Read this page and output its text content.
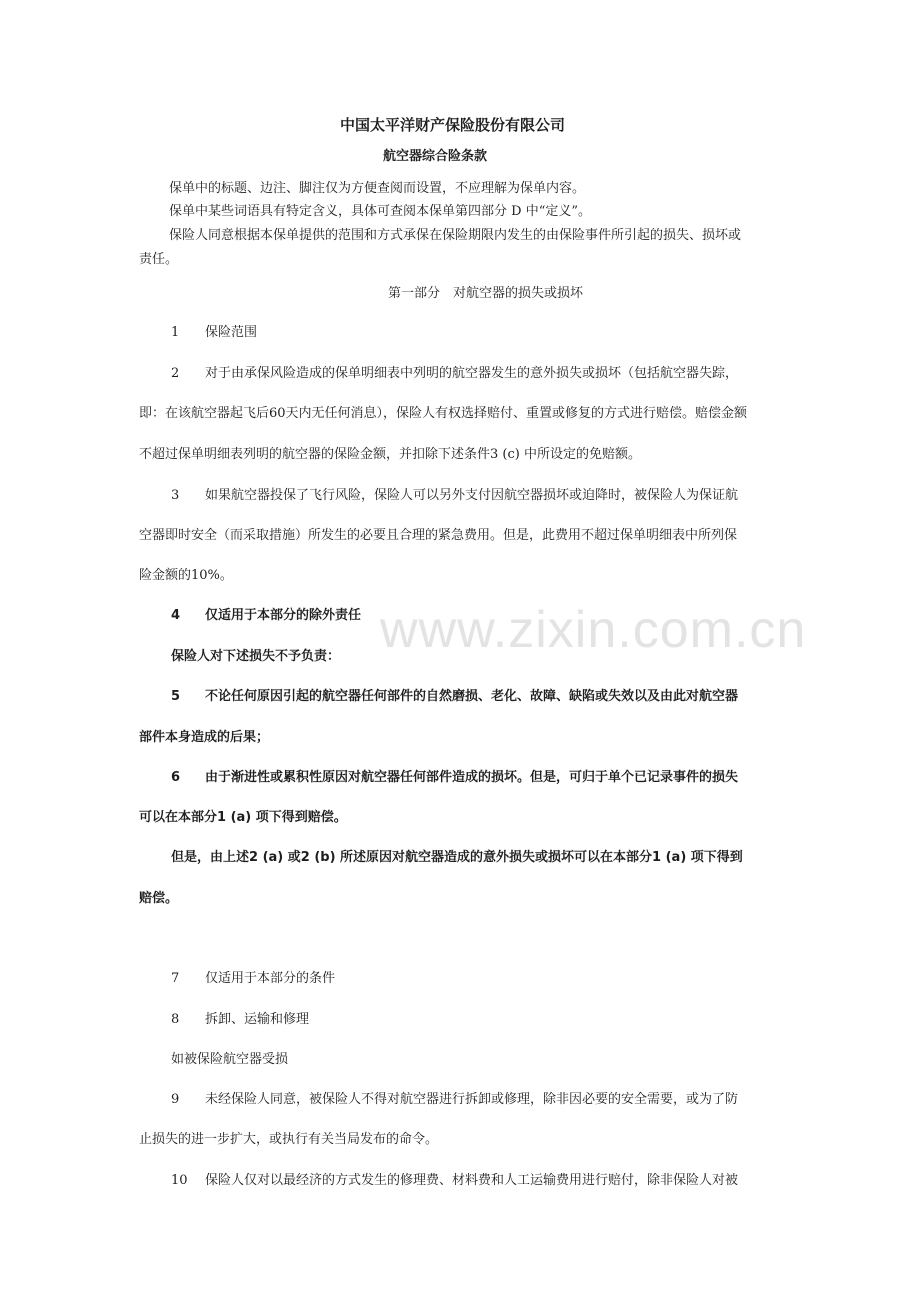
www.zixin.com.cn

中国太平洋财产保险股份有限公司

航空器综合险条款

保单中的标题、边注、脚注仅为方便查阅而设置，不应理解为保单内容。

保单中某些词语具有特定含义，具体可查阅本保单第四部分 D 中“定义”。

保险人同意根据本保单提供的范围和方式承保在保险期限内发生的由保险事件所引起的损失、损坏或

责任。

第一部分　对航空器的损失或损坏

1 保险范围

2 对于由承保风险造成的保单明细表中列明的航空器发生的意外损失或损坏（包括航空器失踪，

即：在该航空器起飞后60天内无任何消息），保险人有权选择赔付、重置或修复的方式进行赔偿。赔偿金额

不超过保单明细表列明的航空器的保险金额，并扣除下述条件3 (c) 中所设定的免赔额。

3 如果航空器投保了飞行风险，保险人可以另外支付因航空器损坏或迫降时，被保险人为保证航

空器即时安全（而采取措施）所发生的必要且合理的紧急费用。但是，此费用不超过保单明细表中所列保

险金额的10%。

4 仅适用于本部分的除外责任

保险人对下述损失不予负责：

5 不论任何原因引起的航空器任何部件的自然磨损、老化、故障、缺陷或失效以及由此对航空器

部件本身造成的后果；

6 由于渐进性或累积性原因对航空器任何部件造成的损坏。但是，可归于单个已记录事件的损失

可以在本部分1 (a) 项下得到赔偿。

但是，由上述2 (a) 或2 (b) 所述原因对航空器造成的意外损失或损坏可以在本部分1 (a) 项下得到

赔偿。

7 仅适用于本部分的条件

8 拆卸、运输和修理

如被保险航空器受损

9 未经保险人同意，被保险人不得对航空器进行拆卸或修理，除非因必要的安全需要，或为了防

止损失的进一步扩大，或执行有关当局发布的命令。

10 保险人仅对以最经济的方式发生的修理费、材料费和人工运输费用进行赔付，除非保险人对被
